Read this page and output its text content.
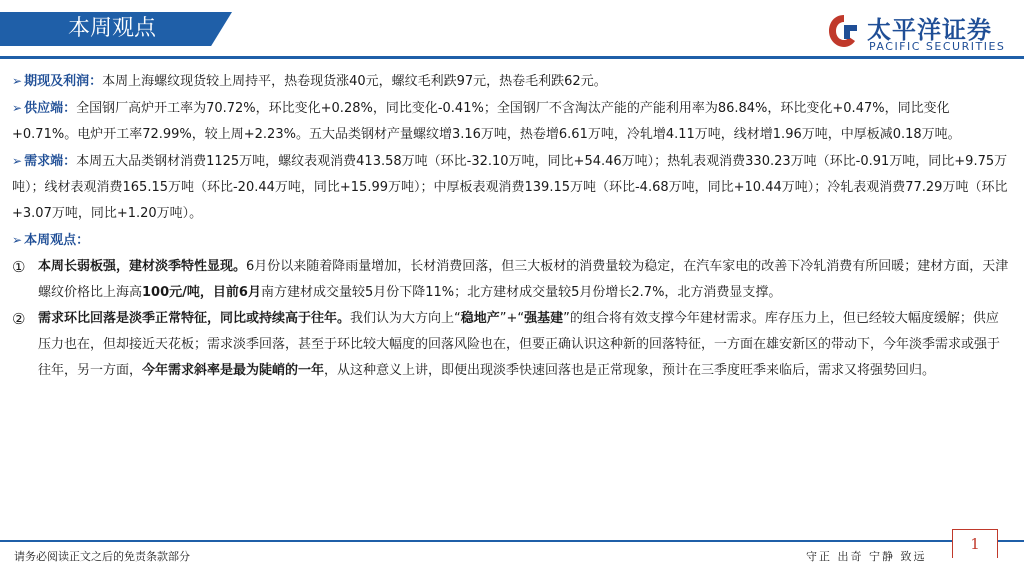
本周观点	太平洋证券
PACIFIC SECURITIES

➢ 期现及利润：本周上海螺纹现货较上周持平，热卷现货涨40元，螺纹毛利跌97元，热卷毛利跌62元。

➢ 供应端：全国钢厂高炉开工率为70.72%，环比变化+0.28%，同比变化-0.41%；全国钢厂不含淘汰产能的产能利用率为86.84%，环比变化+0.47%，同比变化+0.71%。电炉开工率72.99%，较上周+2.23%。五大品类钢材产量螺纹增3.16万吨，热卷增6.61万吨，冷轧增4.11万吨，线材增1.96万吨，中厚板减0.18万吨。

➢ 需求端：本周五大品类钢材消费1125万吨，螺纹表观消费413.58万吨（环比-32.10万吨，同比+54.46万吨）；热轧表观消费330.23万吨（环比-0.91万吨，同比+9.75万吨）；线材表观消费165.15万吨（环比-20.44万吨，同比+15.99万吨）；中厚板表观消费139.15万吨（环比-4.68万吨，同比+10.44万吨）；冷轧表观消费77.29万吨（环比+3.07万吨，同比+1.20万吨）。

➢ 本周观点：

① 本周长弱板强，建材淡季特性显现。6月份以来随着降雨量增加，长材消费回落，但三大板材的消费量较为稳定，在汽车家电的改善下冷轧消费有所回暖；建材方面，天津螺纹价格比上海高100元/吨，目前6月南方建材成交量较5月份下降11%；北方建材成交量较5月份增长2.7%，北方消费显支撑。

② 需求环比回落是淡季正常特征，同比或持续高于往年。我们认为大方向上“稳地产”+“强基建”的组合将有效支撑今年建材需求。库存压力上，但已经较大幅度缓解；供应压力也在，但却接近天花板；需求淡季回落，甚至于环比较大幅度的回落风险也在，但要正确认识这种新的回落特征，一方面在雄安新区的带动下，今年淡季需求或强于往年，另一方面，今年需求斜率是最为陡峭的一年，从这种意义上讲，即便出现淡季快速回落也是正常现象，预计在三季度旺季来临后，需求又将强势回归。

1
请务必阅读正文之后的免责条款部分	守正 出奇 宁静 致远
